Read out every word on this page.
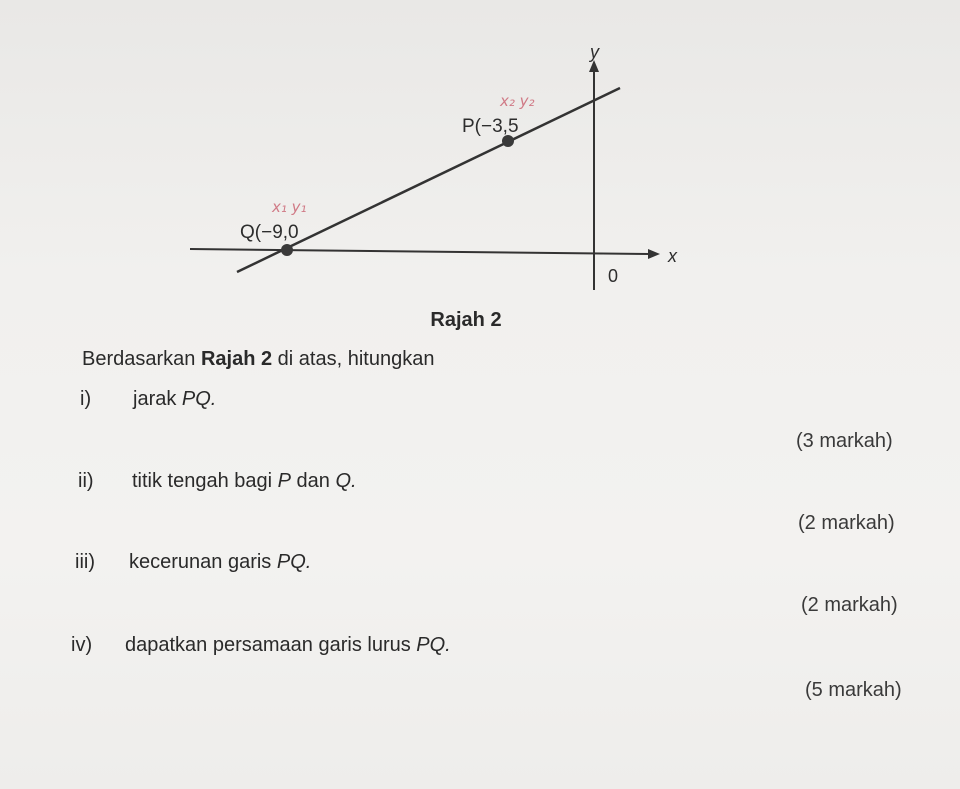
y
x
0
P(−3,5
Q(−9,0
x₂ y₂
x₁ y₁
Rajah 2
Berdasarkan Rajah 2 di atas, hitungkan
i) jarak PQ.
(3 markah)
ii) titik tengah bagi P dan Q.
(2 markah)
iii) kecerunan garis PQ.
(2 markah)
iv) dapatkan persamaan garis lurus PQ.
(5 markah)
